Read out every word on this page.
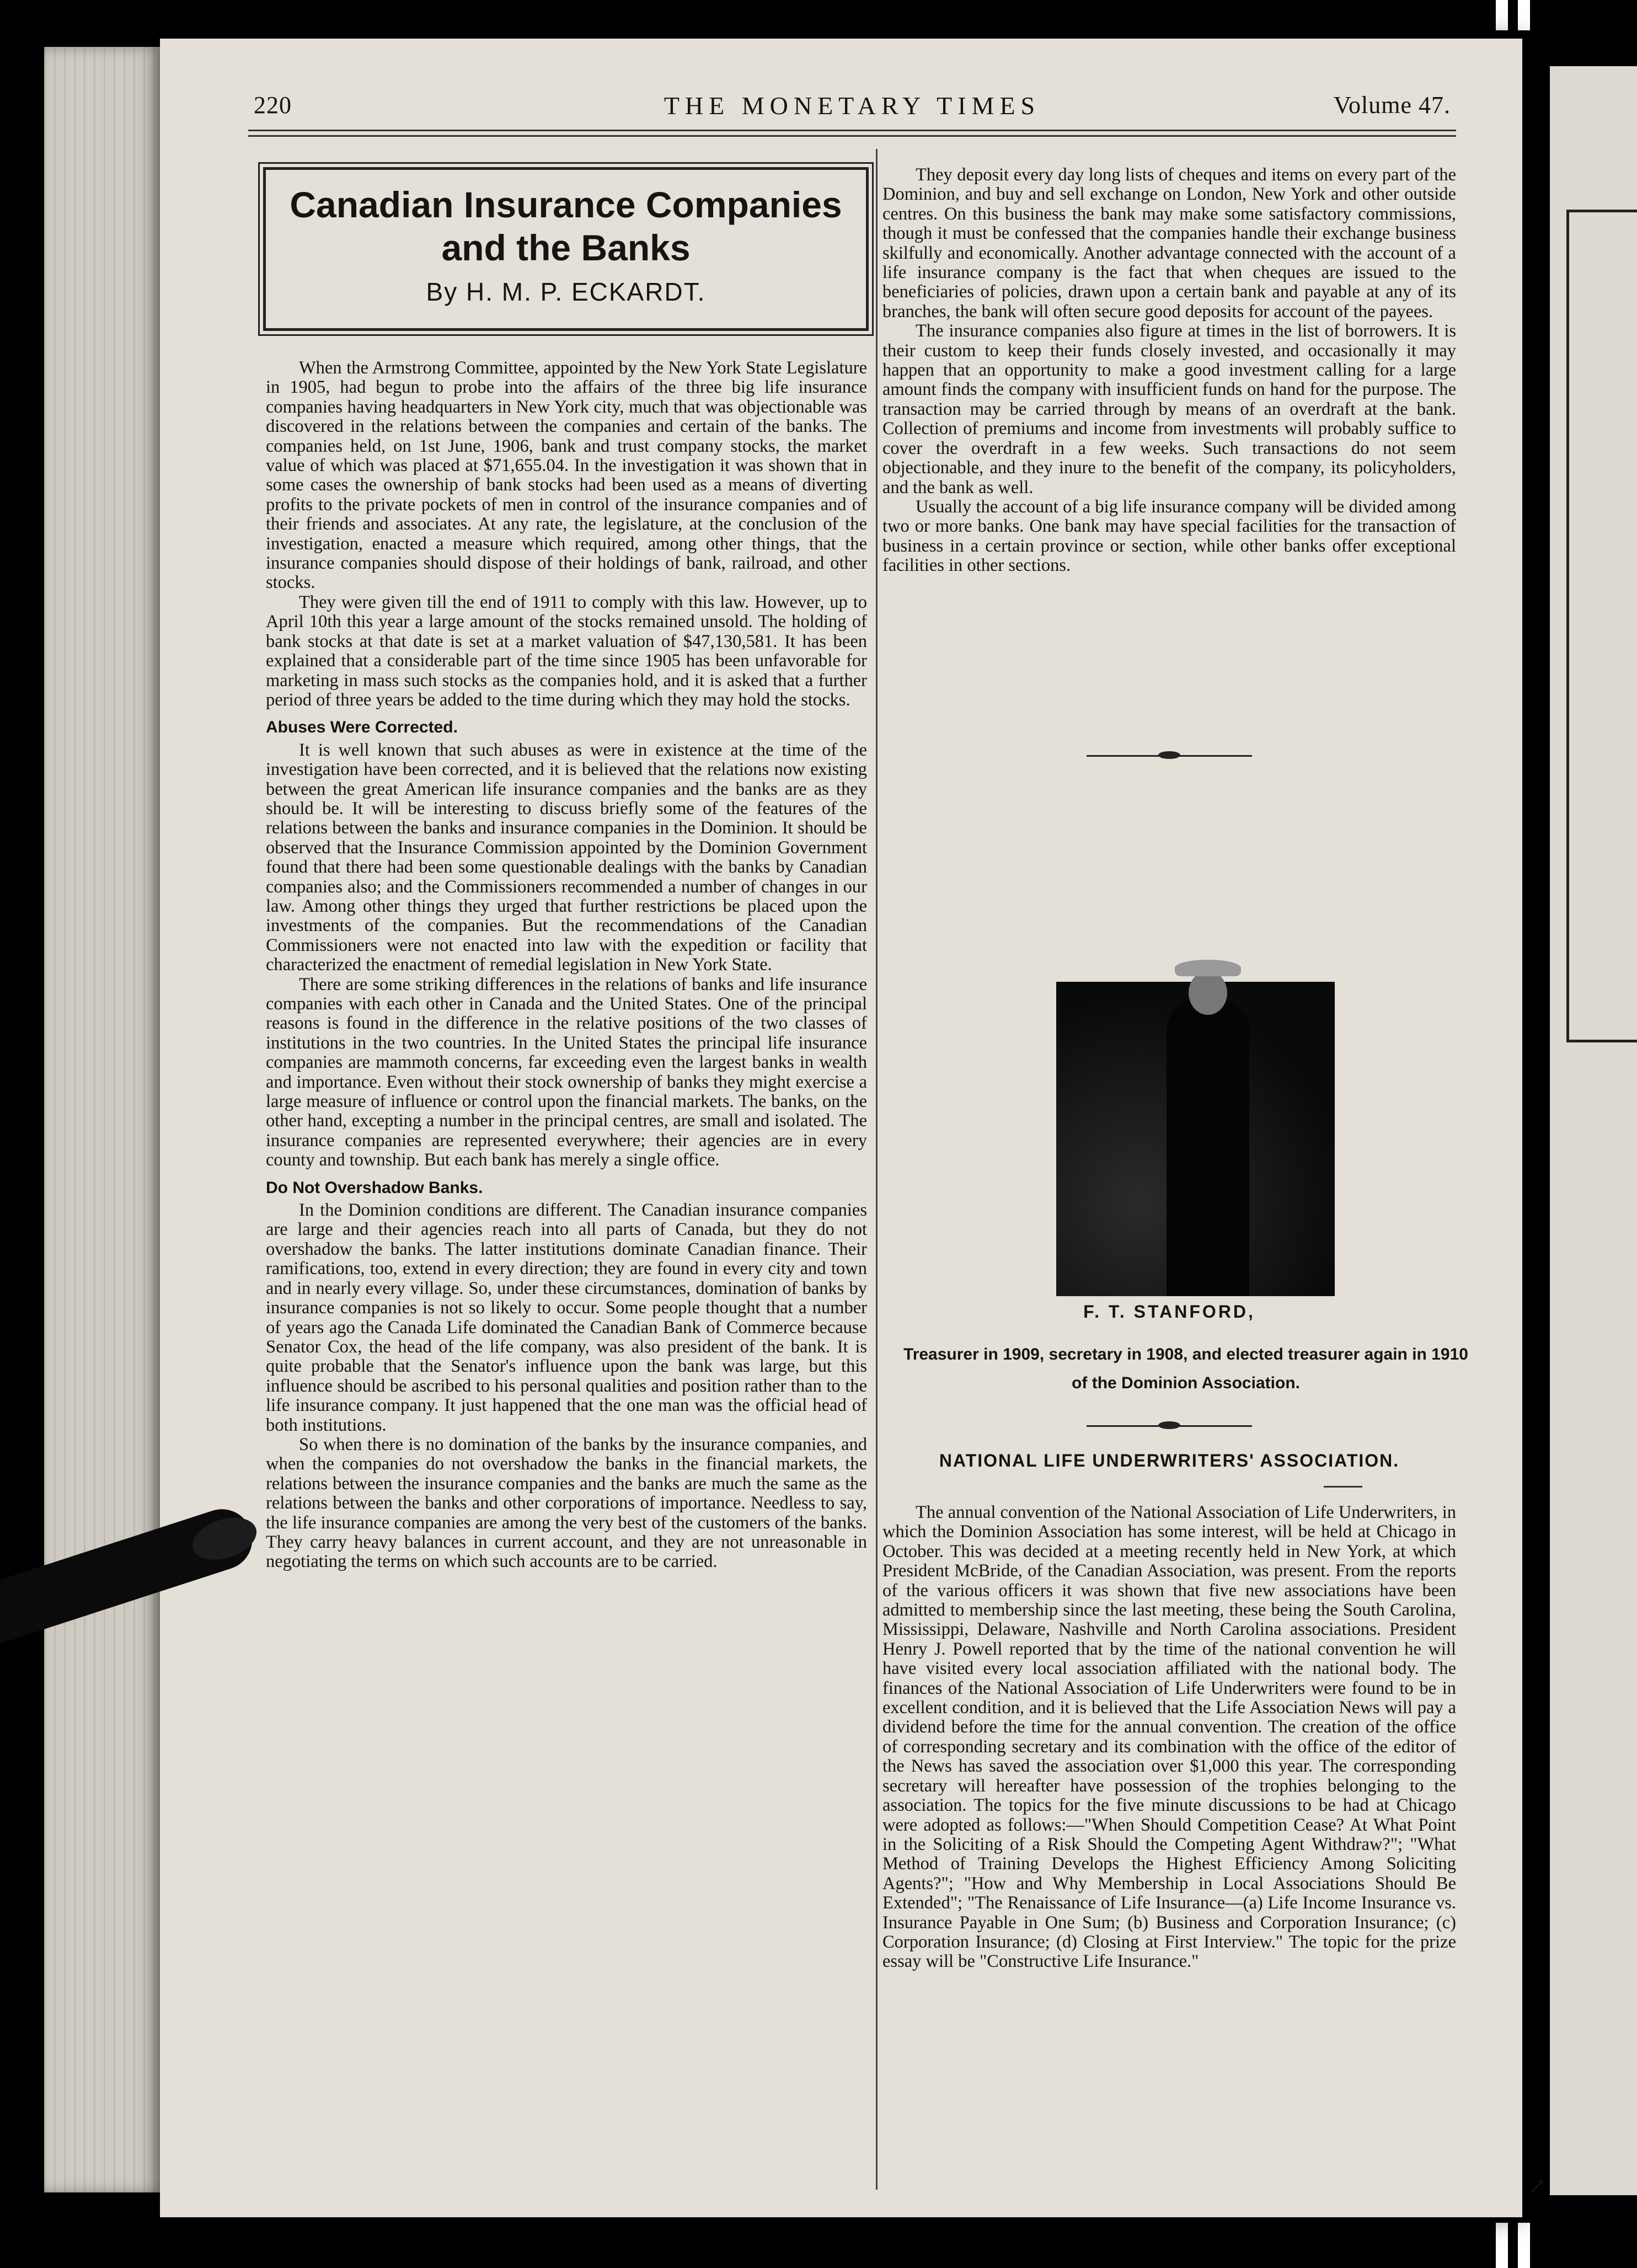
220	THE MONETARY TIMES	Volume 47.
Canadian Insurance Companies and the Banks
By H. M. P. ECKARDT.

When the Armstrong Committee, appointed by the New York State Legislature in 1905, had begun to probe into the affairs of the three big life insurance companies having headquarters in New York city, much that was objectionable was discovered in the relations between the companies and certain of the banks. The companies held, on 1st June, 1906, bank and trust company stocks, the market value of which was placed at $71,655.04. In the investigation it was shown that in some cases the ownership of bank stocks had been used as a means of diverting profits to the private pockets of men in control of the insurance companies and of their friends and associates. At any rate, the legislature, at the conclusion of the investigation, enacted a measure which required, among other things, that the insurance companies should dispose of their holdings of bank, railroad, and other stocks.

They were given till the end of 1911 to comply with this law. However, up to April 10th this year a large amount of the stocks remained unsold. The holding of bank stocks at that date is set at a market valuation of $47,130,581. It has been explained that a considerable part of the time since 1905 has been unfavorable for marketing in mass such stocks as the companies hold, and it is asked that a further period of three years be added to the time during which they may hold the stocks.

Abuses Were Corrected.

It is well known that such abuses as were in existence at the time of the investigation have been corrected, and it is believed that the relations now existing between the great American life insurance companies and the banks are as they should be. It will be interesting to discuss briefly some of the features of the relations between the banks and insurance companies in the Dominion. It should be observed that the Insurance Commission appointed by the Dominion Government found that there had been some questionable dealings with the banks by Canadian companies also; and the Commissioners recommended a number of changes in our law. Among other things they urged that further restrictions be placed upon the investments of the companies. But the recommendations of the Canadian Commissioners were not enacted into law with the expedition or facility that characterized the enactment of remedial legislation in New York State.

There are some striking differences in the relations of banks and life insurance companies with each other in Canada and the United States. One of the principal reasons is found in the difference in the relative positions of the two classes of institutions in the two countries. In the United States the principal life insurance companies are mammoth concerns, far exceeding even the largest banks in wealth and importance. Even without their stock ownership of banks they might exercise a large measure of influence or control upon the financial markets. The banks, on the other hand, excepting a number in the principal centres, are small and isolated. The insurance companies are represented everywhere; their agencies are in every county and township. But each bank has merely a single office.

Do Not Overshadow Banks.

In the Dominion conditions are different. The Canadian insurance companies are large and their agencies reach into all parts of Canada, but they do not overshadow the banks. The latter institutions dominate Canadian finance. Their ramifications, too, extend in every direction; they are found in every city and town and in nearly every village. So, under these circumstances, domination of banks by insurance companies is not so likely to occur. Some people thought that a number of years ago the Canada Life dominated the Canadian Bank of Commerce because Senator Cox, the head of the life company, was also president of the bank. It is quite probable that the Senator's influence upon the bank was large, but this influence should be ascribed to his personal qualities and position rather than to the life insurance company. It just happened that the one man was the official head of both institutions.

So when there is no domination of the banks by the insurance companies, and when the companies do not overshadow the banks in the financial markets, the relations between the insurance companies and the banks are much the same as the relations between the banks and other corporations of importance. Needless to say, the life insurance companies are among the very best of the customers of the banks. They carry heavy balances in current account, and they are not unreasonable in negotiating the terms on which such accounts are to be carried.

They deposit every day long lists of cheques and items on every part of the Dominion, and buy and sell exchange on London, New York and other outside centres. On this business the bank may make some satisfactory commissions, though it must be confessed that the companies handle their exchange business skilfully and economically. Another advantage connected with the account of a life insurance company is the fact that when cheques are issued to the beneficiaries of policies, drawn upon a certain bank and payable at any of its branches, the bank will often secure good deposits for account of the payees.

The insurance companies also figure at times in the list of borrowers. It is their custom to keep their funds closely invested, and occasionally it may happen that an opportunity to make a good investment calling for a large amount finds the company with insufficient funds on hand for the purpose. The transaction may be carried through by means of an overdraft at the bank. Collection of premiums and income from investments will probably suffice to cover the overdraft in a few weeks. Such transactions do not seem objectionable, and they inure to the benefit of the company, its policyholders, and the bank as well.

Usually the account of a big life insurance company will be divided among two or more banks. One bank may have special facilities for the transaction of business in a certain province or section, while other banks offer exceptional facilities in other sections.

F. T. STANFORD,
Treasurer in 1909, secretary in 1908, and elected treasurer again in 1910 of the Dominion Association.
NATIONAL LIFE UNDERWRITERS' ASSOCIATION.

The annual convention of the National Association of Life Underwriters, in which the Dominion Association has some interest, will be held at Chicago in October. This was decided at a meeting recently held in New York, at which President McBride, of the Canadian Association, was present. From the reports of the various officers it was shown that five new associations have been admitted to membership since the last meeting, these being the South Carolina, Mississippi, Delaware, Nashville and North Carolina associations. President Henry J. Powell reported that by the time of the national convention he will have visited every local association affiliated with the national body. The finances of the National Association of Life Underwriters were found to be in excellent condition, and it is believed that the Life Association News will pay a dividend before the time for the annual convention. The creation of the office of corresponding secretary and its combination with the office of the editor of the News has saved the association over $1,000 this year. The corresponding secretary will hereafter have possession of the trophies belonging to the association. The topics for the five minute discussions to be had at Chicago were adopted as follows:—"When Should Competition Cease? At What Point in the Soliciting of a Risk Should the Competing Agent Withdraw?"; "What Method of Training Develops the Highest Efficiency Among Soliciting Agents?"; "How and Why Membership in Local Associations Should Be Extended"; "The Renaissance of Life Insurance—(a) Life Income Insurance vs. Insurance Payable in One Sum; (b) Business and Corporation Insurance; (c) Corporation Insurance; (d) Closing at First Interview." The topic for the prize essay will be "Constructive Life Insurance."

↗
